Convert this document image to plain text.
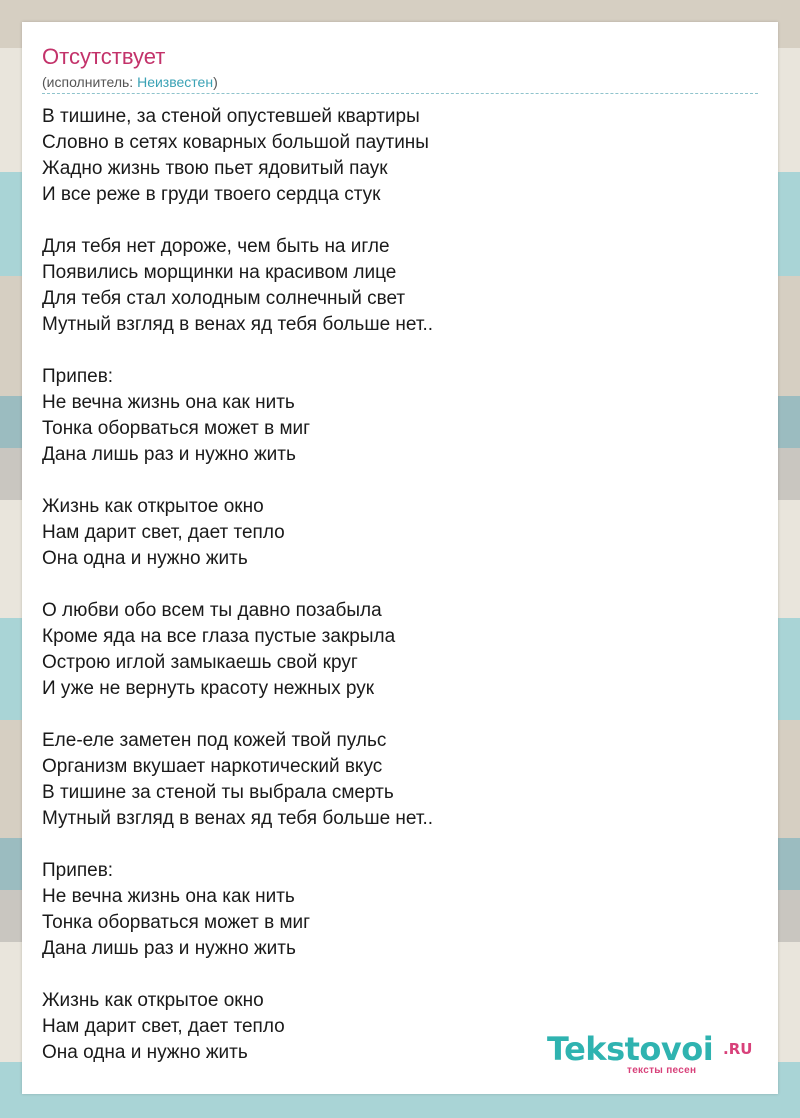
Отсутствует
(исполнитель: Неизвестен)
В тишине, за стеной опустевшей квартиры
Словно в сетях коварных большой паутины
Жадно жизнь твою пьет ядовитый паук
И все реже в груди твоего сердца стук
Для тебя нет дороже, чем быть на игле
Появились морщинки на красивом лице
Для тебя стал холодным солнечный свет
Мутный взгляд в венах яд тебя больше нет..
Припев:
Не вечна жизнь она как нить
Тонка оборваться может в миг
Дана лишь раз и нужно жить
Жизнь как открытое окно
Нам дарит свет, дает тепло
Она одна и нужно жить
О любви обо всем ты давно позабыла
Кроме яда на все глаза пустые закрыла
Острою иглой замыкаешь свой круг
И уже не вернуть красоту нежных рук
Еле-еле заметен под кожей твой пульс
Организм вкушает наркотический вкус
В тишине за стеной ты выбрала смерть
Мутный взгляд в венах яд тебя больше нет..
Припев:
Не вечна жизнь она как нить
Тонка оборваться может в миг
Дана лишь раз и нужно жить
Жизнь как открытое окно
Нам дарит свет, дает тепло
Она одна и нужно жить	Tekstovoi .RU
тексты песен
